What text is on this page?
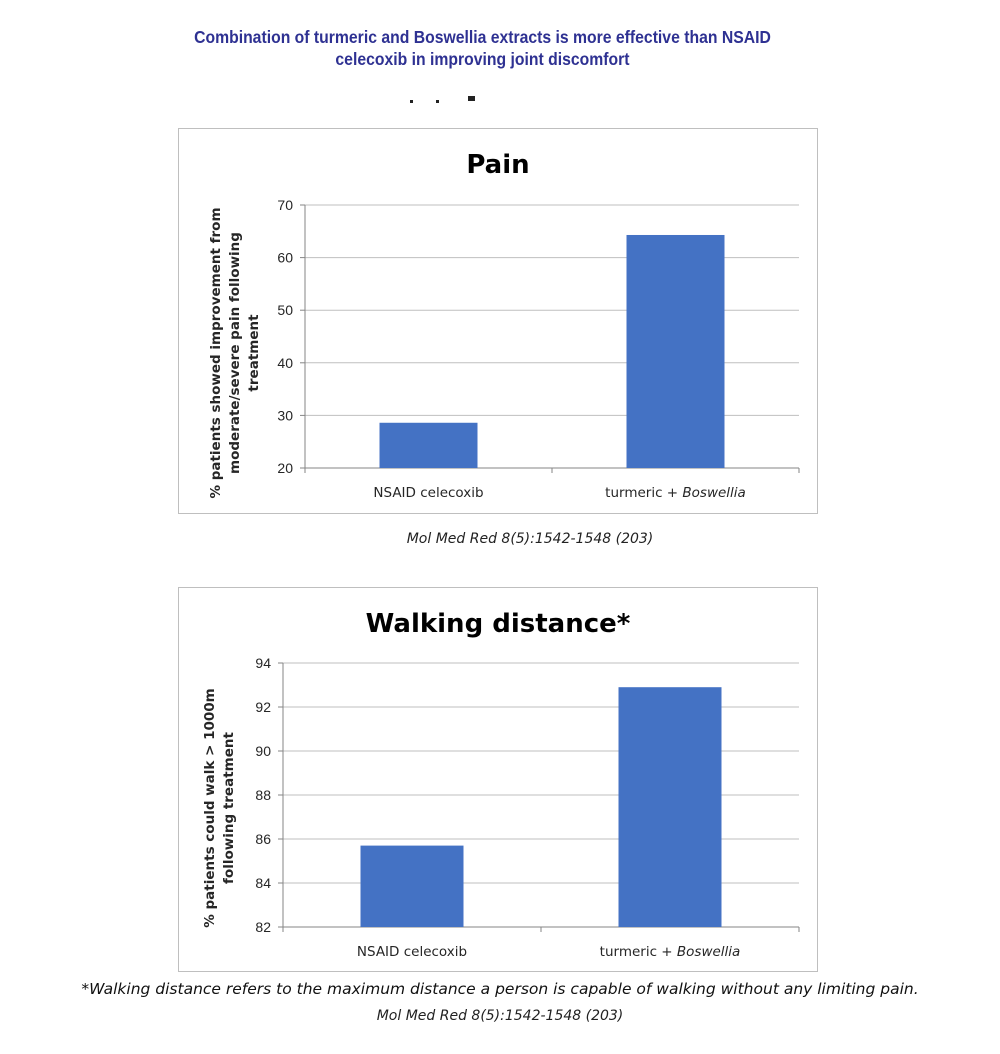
Combination of turmeric and Boswellia extracts is more effective than NSAID
celecoxib in improving joint discomfort
Pain
20
30
40
50
60
70
NSAID celecoxib	turmeric + Boswellia
% patients showed improvement from moderate/severe pain following treatment
Mol Med Red 8(5):1542-1548 (203)
Walking distance*
82
84
86
88
90
92
94
NSAID celecoxib	turmeric + Boswellia
% patients could walk > 1000m following treatment
*Walking distance refers to the maximum distance a person is capable of walking without any limiting pain.
Mol Med Red 8(5):1542-1548 (203)
